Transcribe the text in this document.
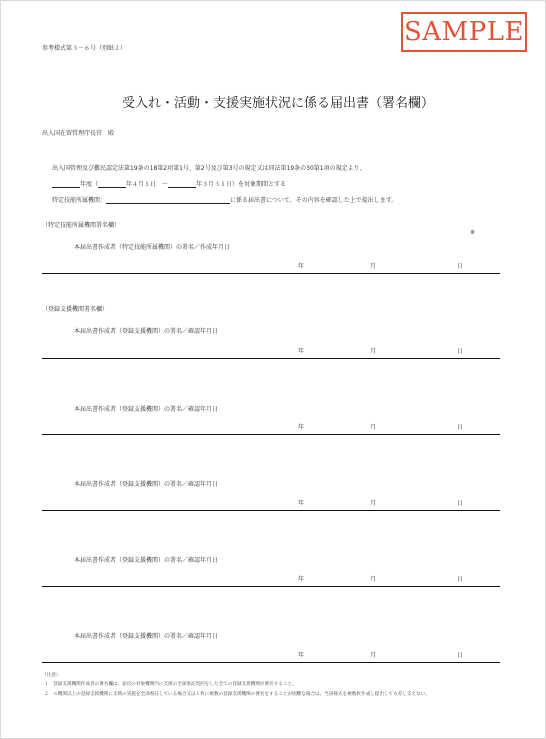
参考様式第３－６号（別紙２）
SAMPLE
受入れ・活動・支援実施状況に係る届出書（署名欄）
出入国在留管理庁長官　殿
出入国管理及び難民認定法第19条の18第2項第1号、第2号及び第3号の規定又は同法第19条の30第1項の規定より、
年度（	年４月１日　～	年３月３１日）を対象期間とする
特定技能所属機関：	に係る届出書について、その内容を確認した上で提出します。
（特定技能所属機関署名欄）
※
本届出書作成者（特定技能所属機関）の署名／作成年月日
年	月	日
（登録支援機関署名欄）
本届出書作成者（登録支援機関）の署名／確認年月日
年	月	日
本届出書作成者（登録支援機関）の署名／確認年月日
年	月	日
本届出書作成者（登録支援機関）の署名／確認年月日
年	月	日
本届出書作成者（登録支援機関）の署名／確認年月日
年	月	日
本届出書作成者（登録支援機関）の署名／確認年月日
年	月	日
（注意）
１　登録支援機関作成者の署名欄は、届出の対象機関内に支援の全部委託契約をした全ての登録支援機関が署名すること。
２　６機関以上の登録支援機関に支援の実施を全部委託している場合又は１枚に複数の登録支援機関の署名をすることが困難な場合は、当該様式を複数枚作成し提出しても差し支えない。
